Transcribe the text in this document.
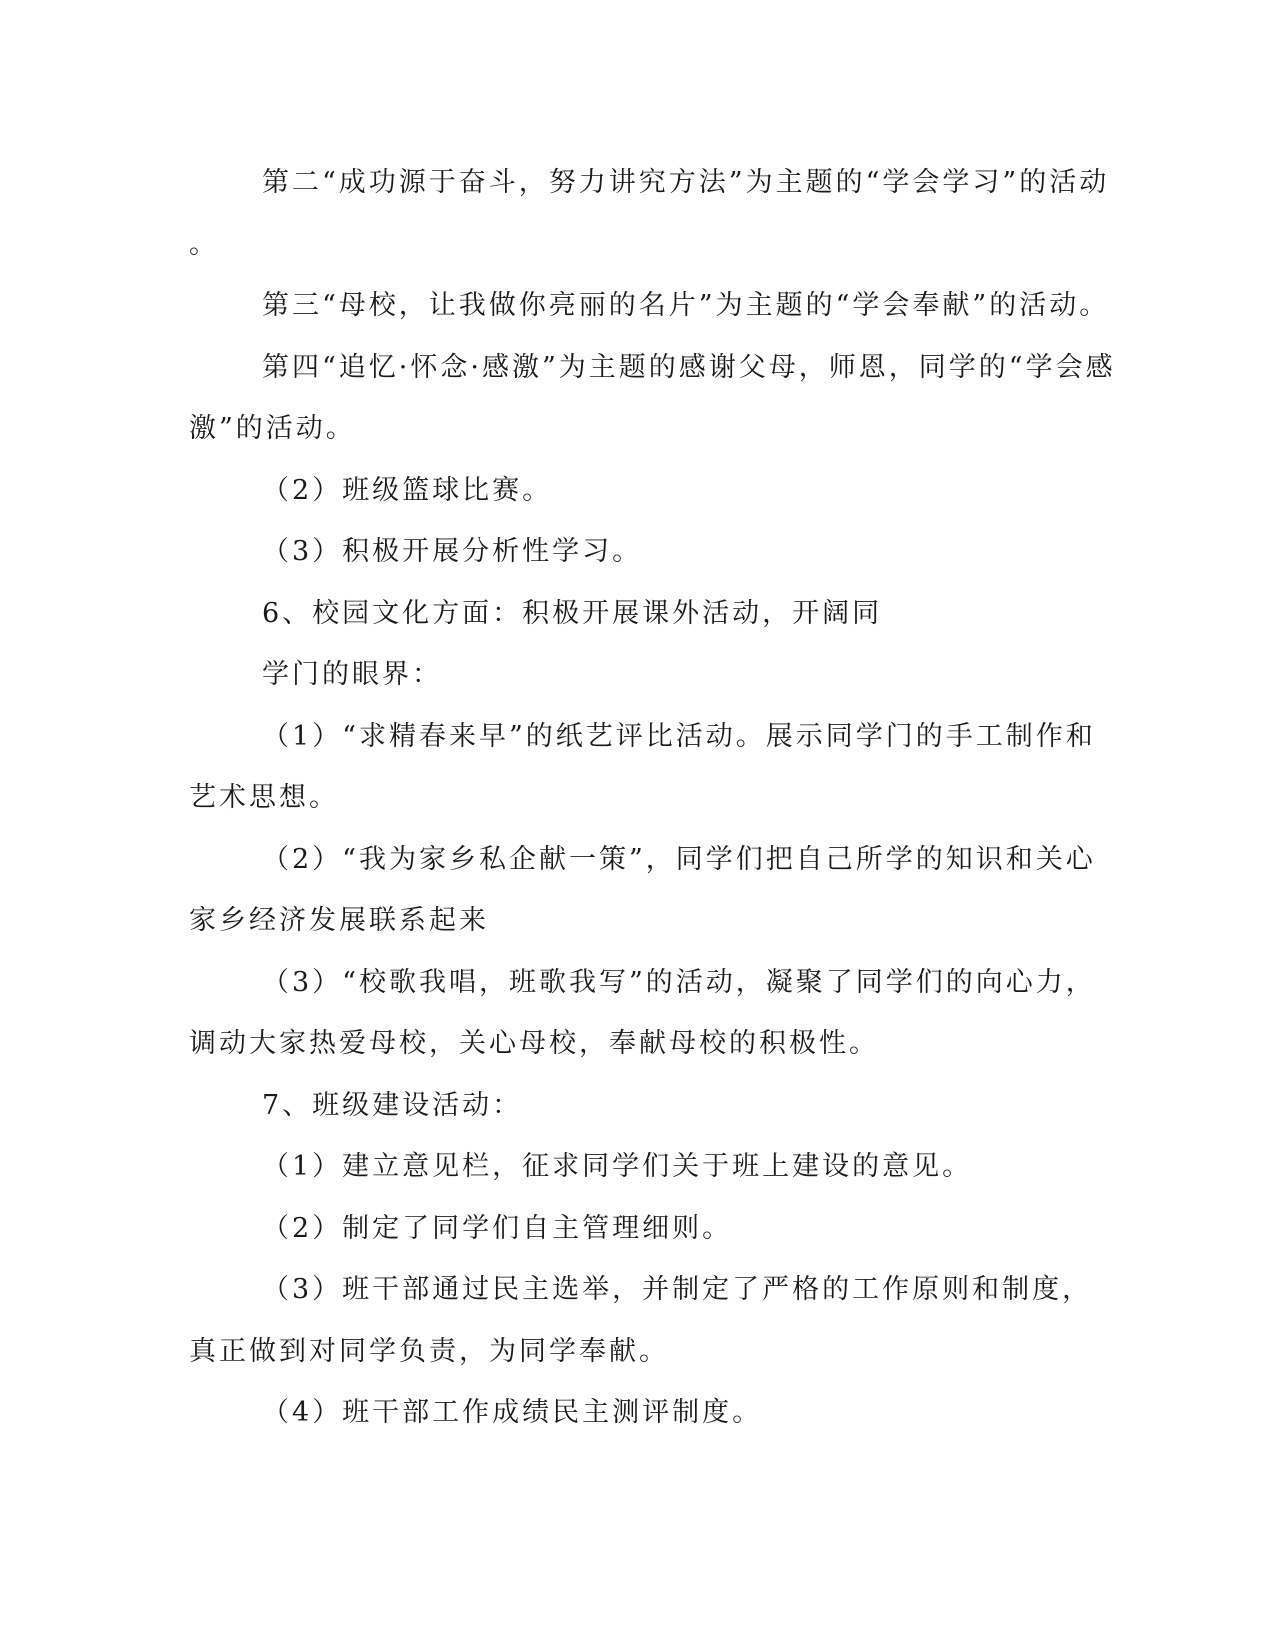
第二“成功源于奋斗，努力讲究方法”为主题的“学会学习”的活动
。
第三“母校，让我做你亮丽的名片”为主题的“学会奉献”的活动。
第四“追忆·怀念·感激”为主题的感谢父母，师恩，同学的“学会感
激”的活动。
（2）班级篮球比赛。
（3）积极开展分析性学习。
6、校园文化方面：积极开展课外活动，开阔同
学门的眼界：
（1）“求精春来早”的纸艺评比活动。展示同学门的手工制作和
艺术思想。
（2）“我为家乡私企献一策”，同学们把自己所学的知识和关心
家乡经济发展联系起来
（3）“校歌我唱，班歌我写”的活动，凝聚了同学们的向心力，
调动大家热爱母校，关心母校，奉献母校的积极性。
7、班级建设活动：
（1）建立意见栏，征求同学们关于班上建设的意见。
（2）制定了同学们自主管理细则。
（3）班干部通过民主选举，并制定了严格的工作原则和制度，
真正做到对同学负责，为同学奉献。
（4）班干部工作成绩民主测评制度。
